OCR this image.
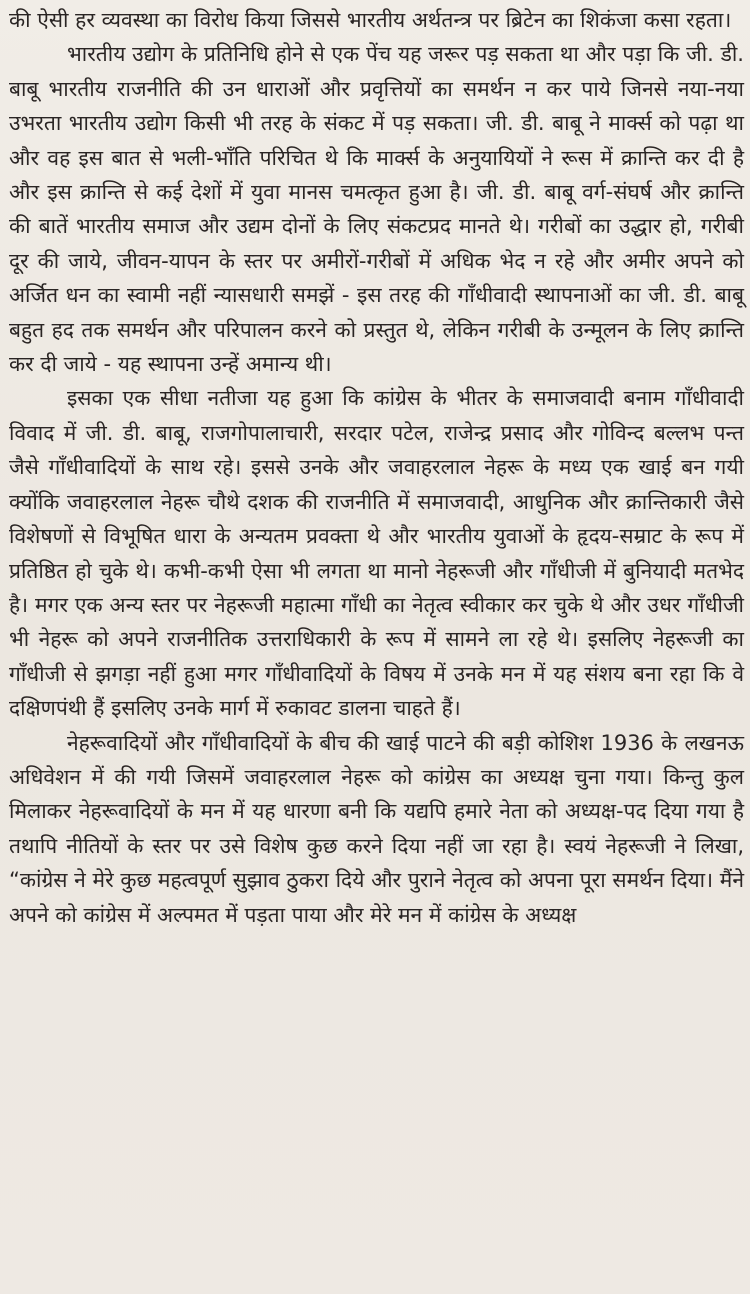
की ऐसी हर व्यवस्था का विरोध किया जिससे भारतीय अर्थतन्त्र पर ब्रिटेन का शिकंजा कसा रहता।

भारतीय उद्योग के प्रतिनिधि होने से एक पेंच यह जरूर पड़ सकता था और पड़ा कि जी. डी. बाबू भारतीय राजनीति की उन धाराओं और प्रवृत्तियों का समर्थन न कर पाये जिनसे नया-नया उभरता भारतीय उद्योग किसी भी तरह के संकट में पड़ सकता। जी. डी. बाबू ने मार्क्स को पढ़ा था और वह इस बात से भली-भाँति परिचित थे कि मार्क्स के अनुयायियों ने रूस में क्रान्ति कर दी है और इस क्रान्ति से कई देशों में युवा मानस चमत्कृत हुआ है। जी. डी. बाबू वर्ग-संघर्ष और क्रान्ति की बातें भारतीय समाज और उद्यम दोनों के लिए संकटप्रद मानते थे। गरीबों का उद्धार हो, गरीबी दूर की जाये, जीवन-यापन के स्तर पर अमीरों-गरीबों में अधिक भेद न रहे और अमीर अपने को अर्जित धन का स्वामी नहीं न्यासधारी समझें - इस तरह की गाँधीवादी स्थापनाओं का जी. डी. बाबू बहुत हद तक समर्थन और परिपालन करने को प्रस्तुत थे, लेकिन गरीबी के उन्मूलन के लिए क्रान्ति कर दी जाये - यह स्थापना उन्हें अमान्य थी।

इसका एक सीधा नतीजा यह हुआ कि कांग्रेस के भीतर के समाजवादी बनाम गाँधीवादी विवाद में जी. डी. बाबू, राजगोपालाचारी, सरदार पटेल, राजेन्द्र प्रसाद और गोविन्द बल्लभ पन्त जैसे गाँधीवादियों के साथ रहे। इससे उनके और जवाहरलाल नेहरू के मध्य एक खाई बन गयी क्योंकि जवाहरलाल नेहरू चौथे दशक की राजनीति में समाजवादी, आधुनिक और क्रान्तिकारी जैसे विशेषणों से विभूषित धारा के अन्यतम प्रवक्ता थे और भारतीय युवाओं के हृदय-सम्राट के रूप में प्रतिष्ठित हो चुके थे। कभी-कभी ऐसा भी लगता था मानो नेहरूजी और गाँधीजी में बुनियादी मतभेद है। मगर एक अन्य स्तर पर नेहरूजी महात्मा गाँधी का नेतृत्व स्वीकार कर चुके थे और उधर गाँधीजी भी नेहरू को अपने राजनीतिक उत्तराधिकारी के रूप में सामने ला रहे थे। इसलिए नेहरूजी का गाँधीजी से झगड़ा नहीं हुआ मगर गाँधीवादियों के विषय में उनके मन में यह संशय बना रहा कि वे दक्षिणपंथी हैं इसलिए उनके मार्ग में रुकावट डालना चाहते हैं।

नेहरूवादियों और गाँधीवादियों के बीच की खाई पाटने की बड़ी कोशिश 1936 के लखनऊ अधिवेशन में की गयी जिसमें जवाहरलाल नेहरू को कांग्रेस का अध्यक्ष चुना गया। किन्तु कुल मिलाकर नेहरूवादियों के मन में यह धारणा बनी कि यद्यपि हमारे नेता को अध्यक्ष-पद दिया गया है तथापि नीतियों के स्तर पर उसे विशेष कुछ करने दिया नहीं जा रहा है। स्वयं नेहरूजी ने लिखा, “कांग्रेस ने मेरे कुछ महत्वपूर्ण सुझाव ठुकरा दिये और पुराने नेतृत्व को अपना पूरा समर्थन दिया। मैंने अपने को कांग्रेस में अल्पमत में पड़ता पाया और मेरे मन में कांग्रेस के अध्यक्ष
